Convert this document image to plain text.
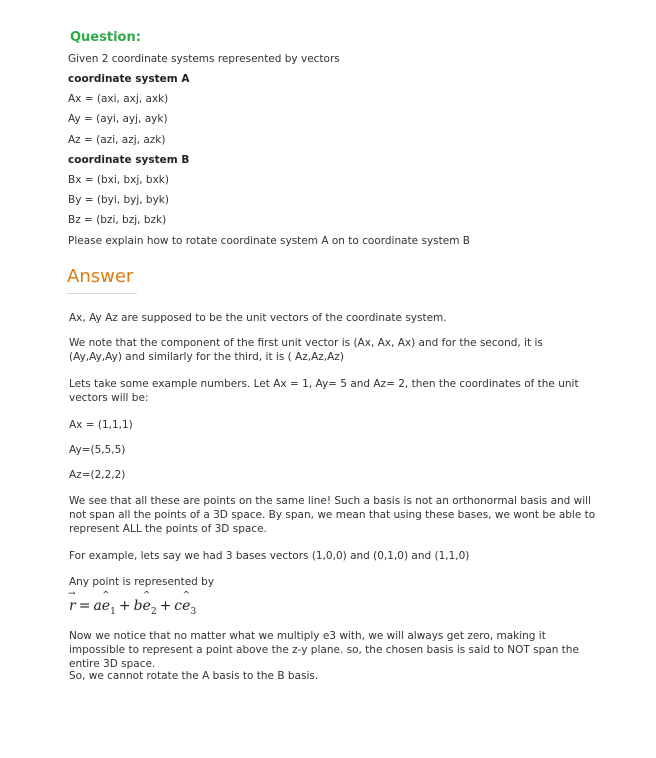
Question:

Given 2 coordinate systems represented by vectors

coordinate system A

Ax = (axi, axj, axk)

Ay = (ayi, ayj, ayk)

Az = (azi, azj, azk)

coordinate system B

Bx = (bxi, bxj, bxk)

By = (byi, byj, byk)

Bz = (bzi, bzj, bzk)

Please explain how to rotate coordinate system A on to coordinate system B

Answer

Ax, Ay Az are supposed to be the unit vectors of the coordinate system.

We note that the component of the first unit vector is (Ax, Ax, Ax) and for the second, it is (Ay,Ay,Ay) and similarly for the third, it is ( Az,Az,Az)

Lets take some example numbers. Let Ax = 1, Ay= 5 and Az= 2, then the coordinates of the unit vectors will be:

Ax = (1,1,1)

Ay=(5,5,5)

Az=(2,2,2)

We see that all these are points on the same line! Such a basis is not an orthonormal basis and will not span all the points of a 3D space. By span, we mean that using these bases, we wont be able to represent ALL the points of 3D space.

For example, lets say we had 3 bases vectors (1,0,0) and (0,1,0) and (1,1,0)

Any point is represented by

→ r = a^ $e_1$ + b^ $e_2$ + c^ $e_3$

Now we notice that no matter what we multiply e3 with, we will always get zero, making it impossible to represent a point above the z-y plane. so, the chosen basis is said to NOT span the entire 3D space.

So, we cannot rotate the A basis to the B basis.
